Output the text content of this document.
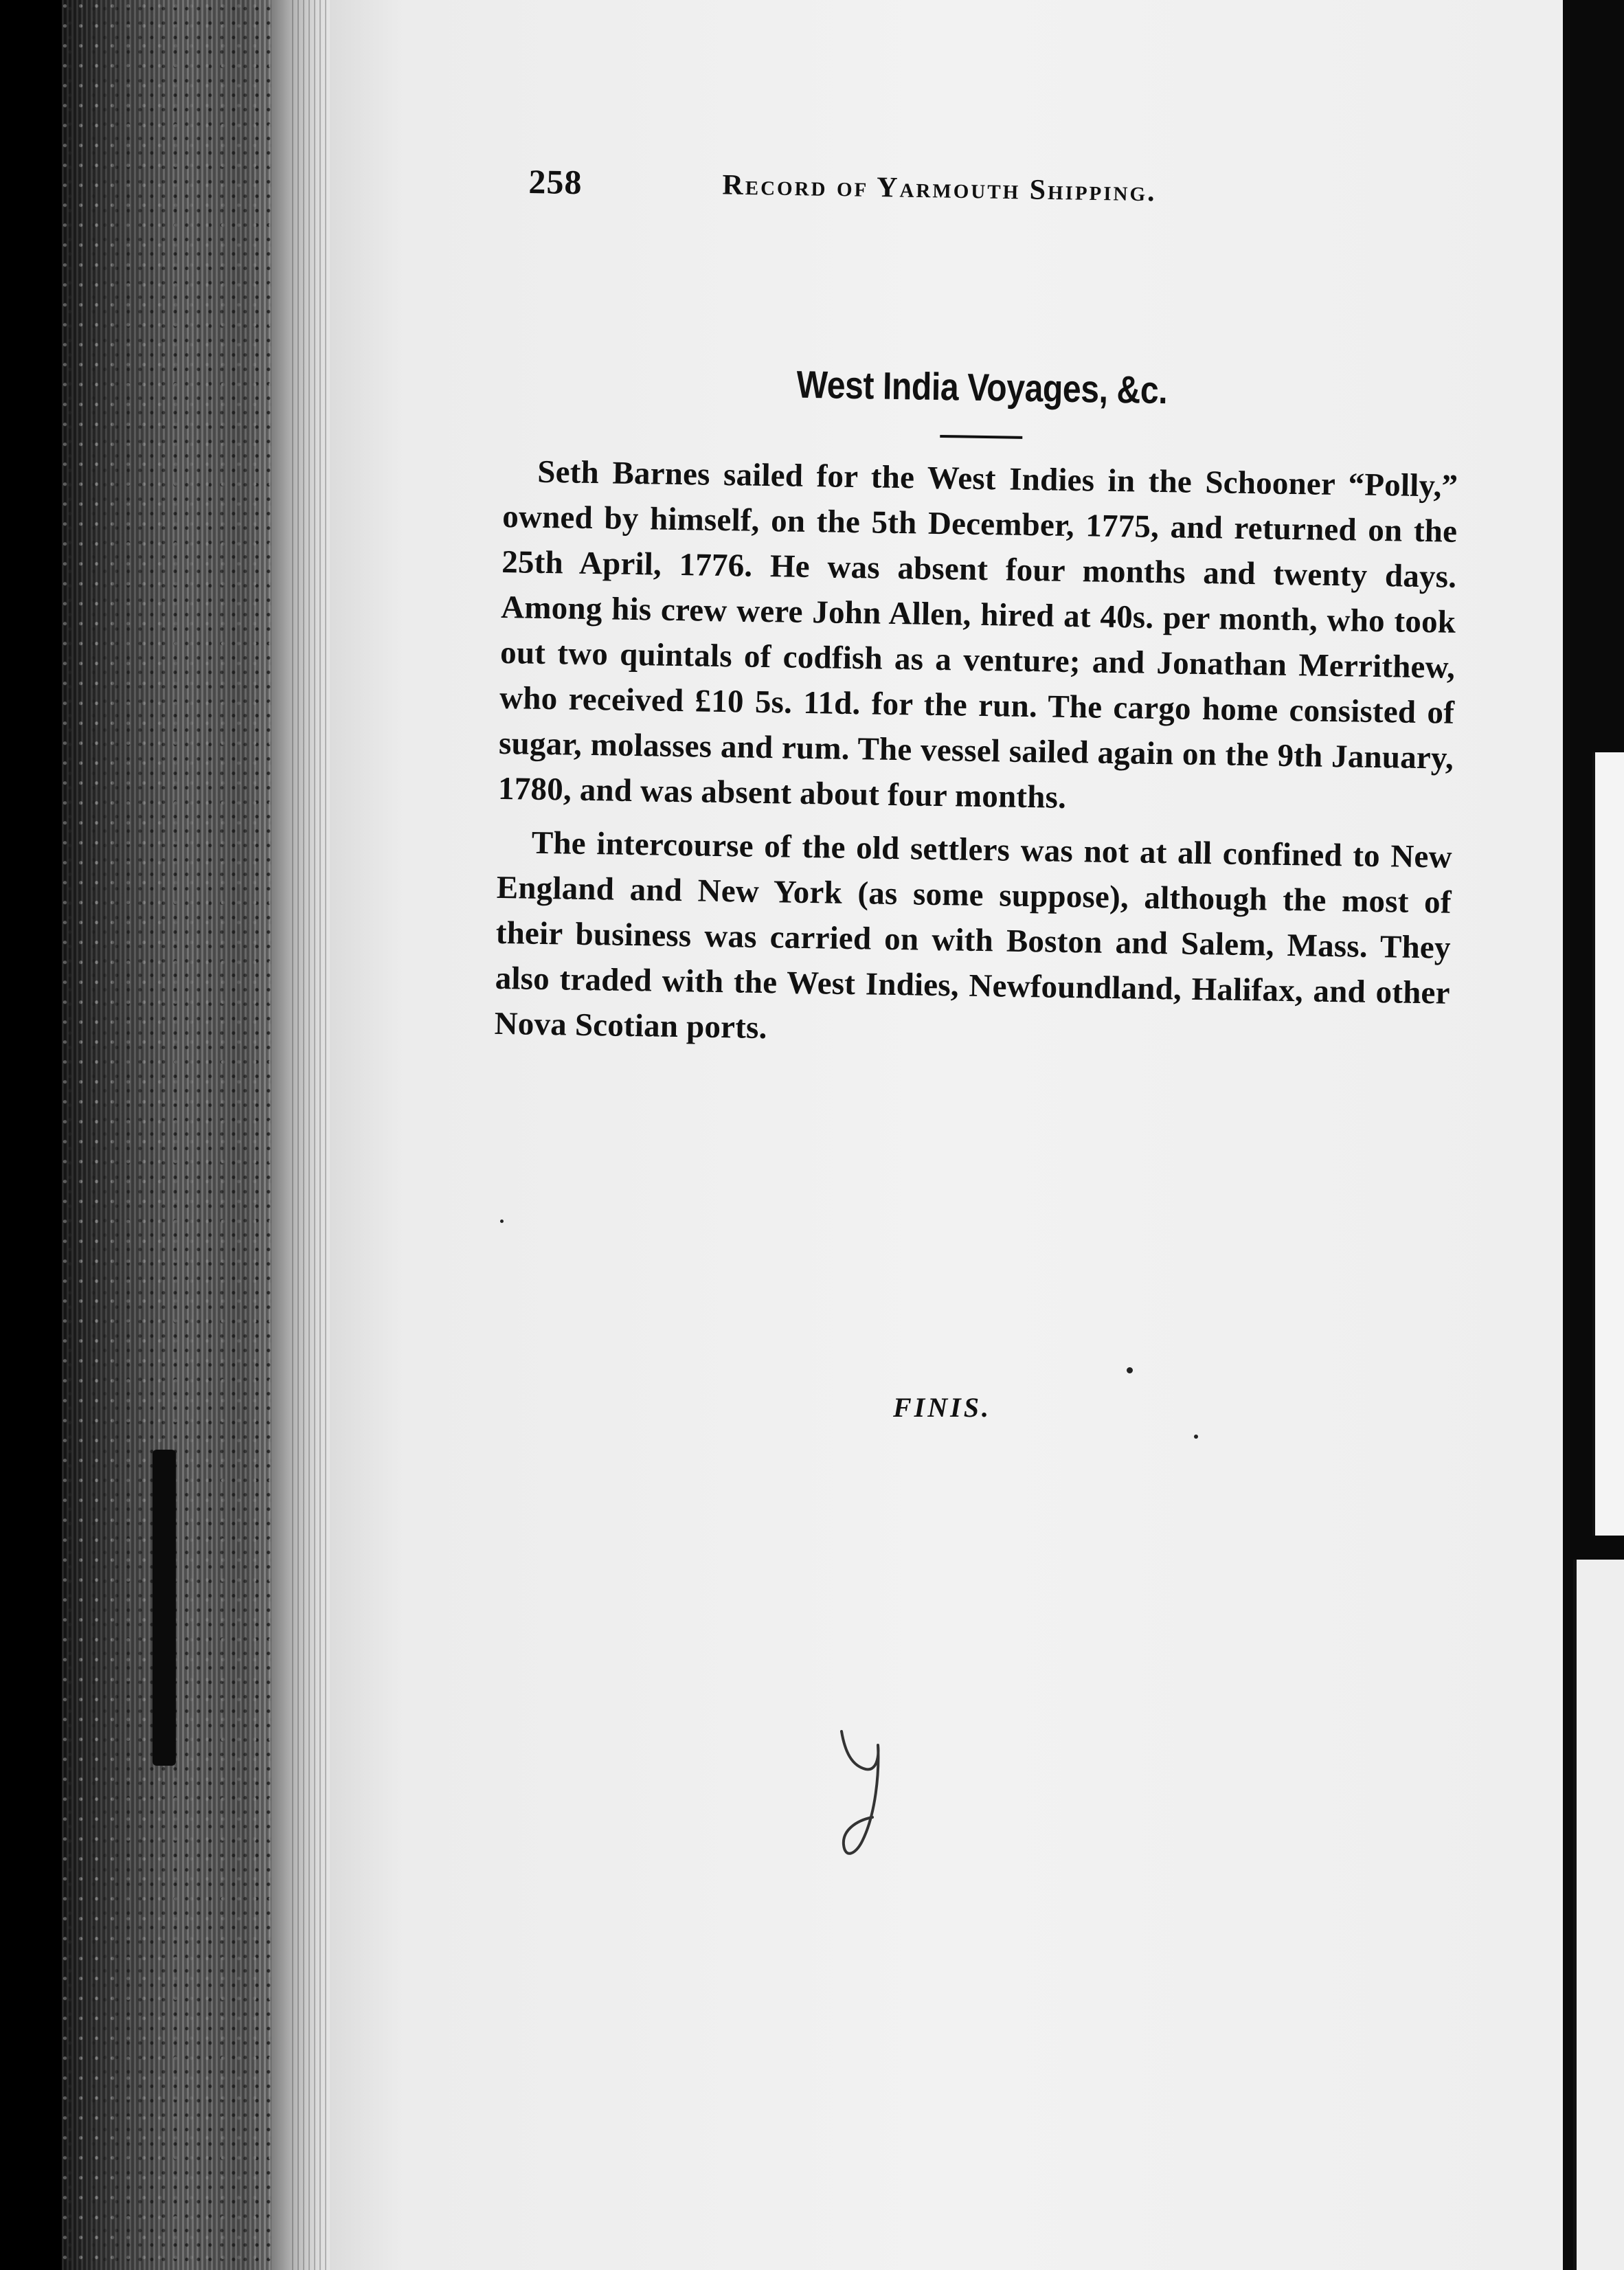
258	Record of Yarmouth Shipping.
West India Voyages, &c.

Seth Barnes sailed for the West Indies in the Schooner “Polly,” owned by himself, on the 5th December, 1775, and returned on the 25th April, 1776. He was absent four months and twenty days. Among his crew were John Allen, hired at 40s. per month, who took out two quintals of codfish as a venture; and Jonathan Merrithew, who received £10 5s. 11d. for the run. The cargo home consisted of sugar, molasses and rum. The vessel sailed again on the 9th January, 1780, and was absent about four months.

The intercourse of the old settlers was not at all confined to New England and New York (as some suppose), although the most of their business was carried on with Boston and Salem, Mass. They also traded with the West Indies, Newfoundland, Halifax, and other Nova Scotian ports.

FINIS.
